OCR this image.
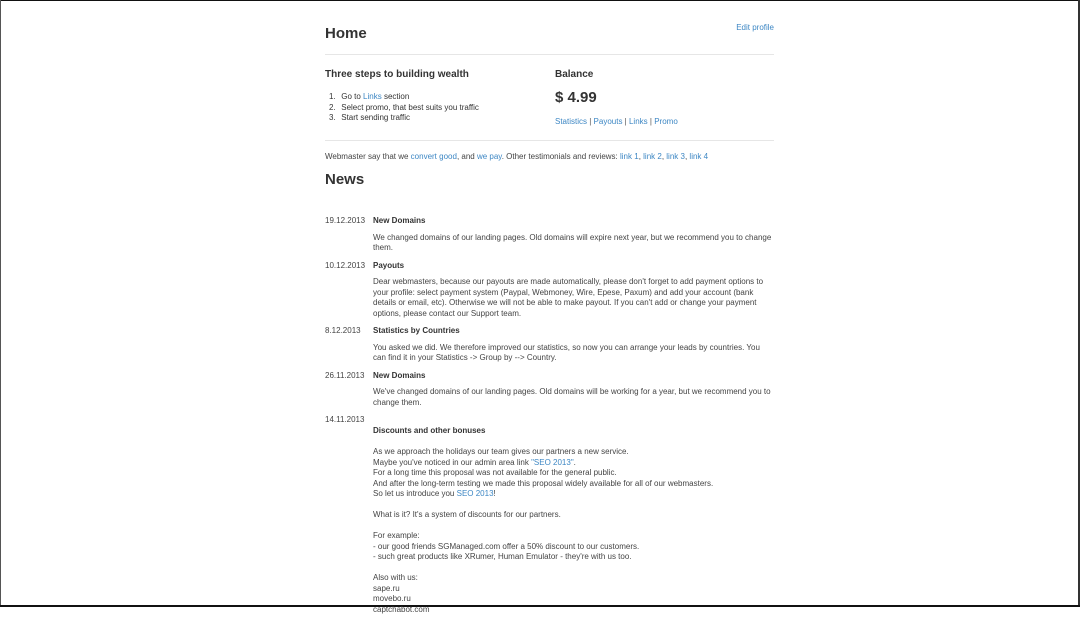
Home	Edit profile
Three steps to building wealth
1. Go to Links section
2. Select promo, that best suits you traffic
3. Start sending traffic
Balance
$ 4.99
Statistics | Payouts | Links | Promo
Webmaster say that we convert good, and we pay. Other testimonials and reviews: link 1, link 2, link 3, link 4
News
19.12.2013 New Domains
We changed domains of our landing pages. Old domains will expire next year, but we recommend you to change them.
10.12.2013 Payouts
Dear webmasters, because our payouts are made automatically, please don't forget to add payment options to your profile: select payment system (Paypal, Webmoney, Wire, Epese, Paxum) and add your account (bank details or email, etc). Otherwise we will not be able to make payout. If you can't add or change your payment options, please contact our Support team.
8.12.2013 Statistics by Countries
You asked we did. We therefore improved our statistics, so now you can arrange your leads by countries. You can find it in your Statistics -> Group by --> Country.
26.11.2013 New Domains
We've changed domains of our landing pages. Old domains will be working for a year, but we recommend you to change them.
14.11.2013
Discounts and other bonuses

As we approach the holidays our team gives our partners a new service.

Maybe you've noticed in our admin area link "SEO 2013".

For a long time this proposal was not available for the general public.

And after the long-term testing we made this proposal widely available for all of our webmasters.

So let us introduce you SEO 2013!

What is it? It's a system of discounts for our partners.

For example:

- our good friends SGManaged.com offer a 50% discount to our customers.

- such great products like XRumer, Human Emulator - they're with us too.

Also with us:

sape.ru

movebo.ru

captchabot.com
